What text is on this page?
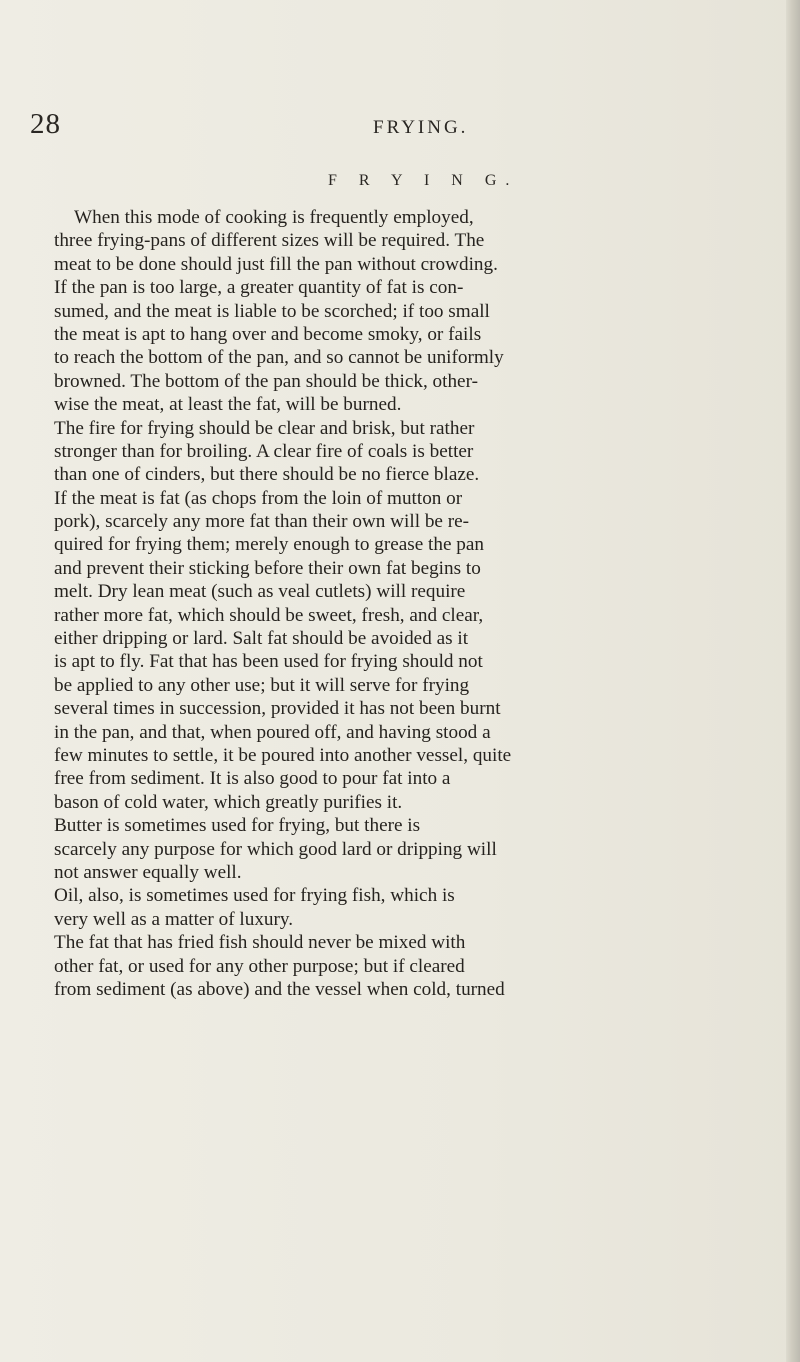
28	FRYING.
F R Y I N G.
When this mode of cooking is frequently employed,
three frying-pans of different sizes will be required. The
meat to be done should just fill the pan without crowding.
If the pan is too large, a greater quantity of fat is con-
sumed, and the meat is liable to be scorched; if too small
the meat is apt to hang over and become smoky, or fails
to reach the bottom of the pan, and so cannot be uniformly
browned. The bottom of the pan should be thick, other-
wise the meat, at least the fat, will be burned.
The fire for frying should be clear and brisk, but rather
stronger than for broiling. A clear fire of coals is better
than one of cinders, but there should be no fierce blaze.
If the meat is fat (as chops from the loin of mutton or
pork), scarcely any more fat than their own will be re-
quired for frying them; merely enough to grease the pan
and prevent their sticking before their own fat begins to
melt. Dry lean meat (such as veal cutlets) will require
rather more fat, which should be sweet, fresh, and clear,
either dripping or lard. Salt fat should be avoided as it
is apt to fly. Fat that has been used for frying should not
be applied to any other use; but it will serve for frying
several times in succession, provided it has not been burnt
in the pan, and that, when poured off, and having stood a
few minutes to settle, it be poured into another vessel, quite
free from sediment. It is also good to pour fat into a
bason of cold water, which greatly purifies it.
Butter is sometimes used for frying, but there is
scarcely any purpose for which good lard or dripping will
not answer equally well.
Oil, also, is sometimes used for frying fish, which is
very well as a matter of luxury.
The fat that has fried fish should never be mixed with
other fat, or used for any other purpose; but if cleared
from sediment (as above) and the vessel when cold, turned
